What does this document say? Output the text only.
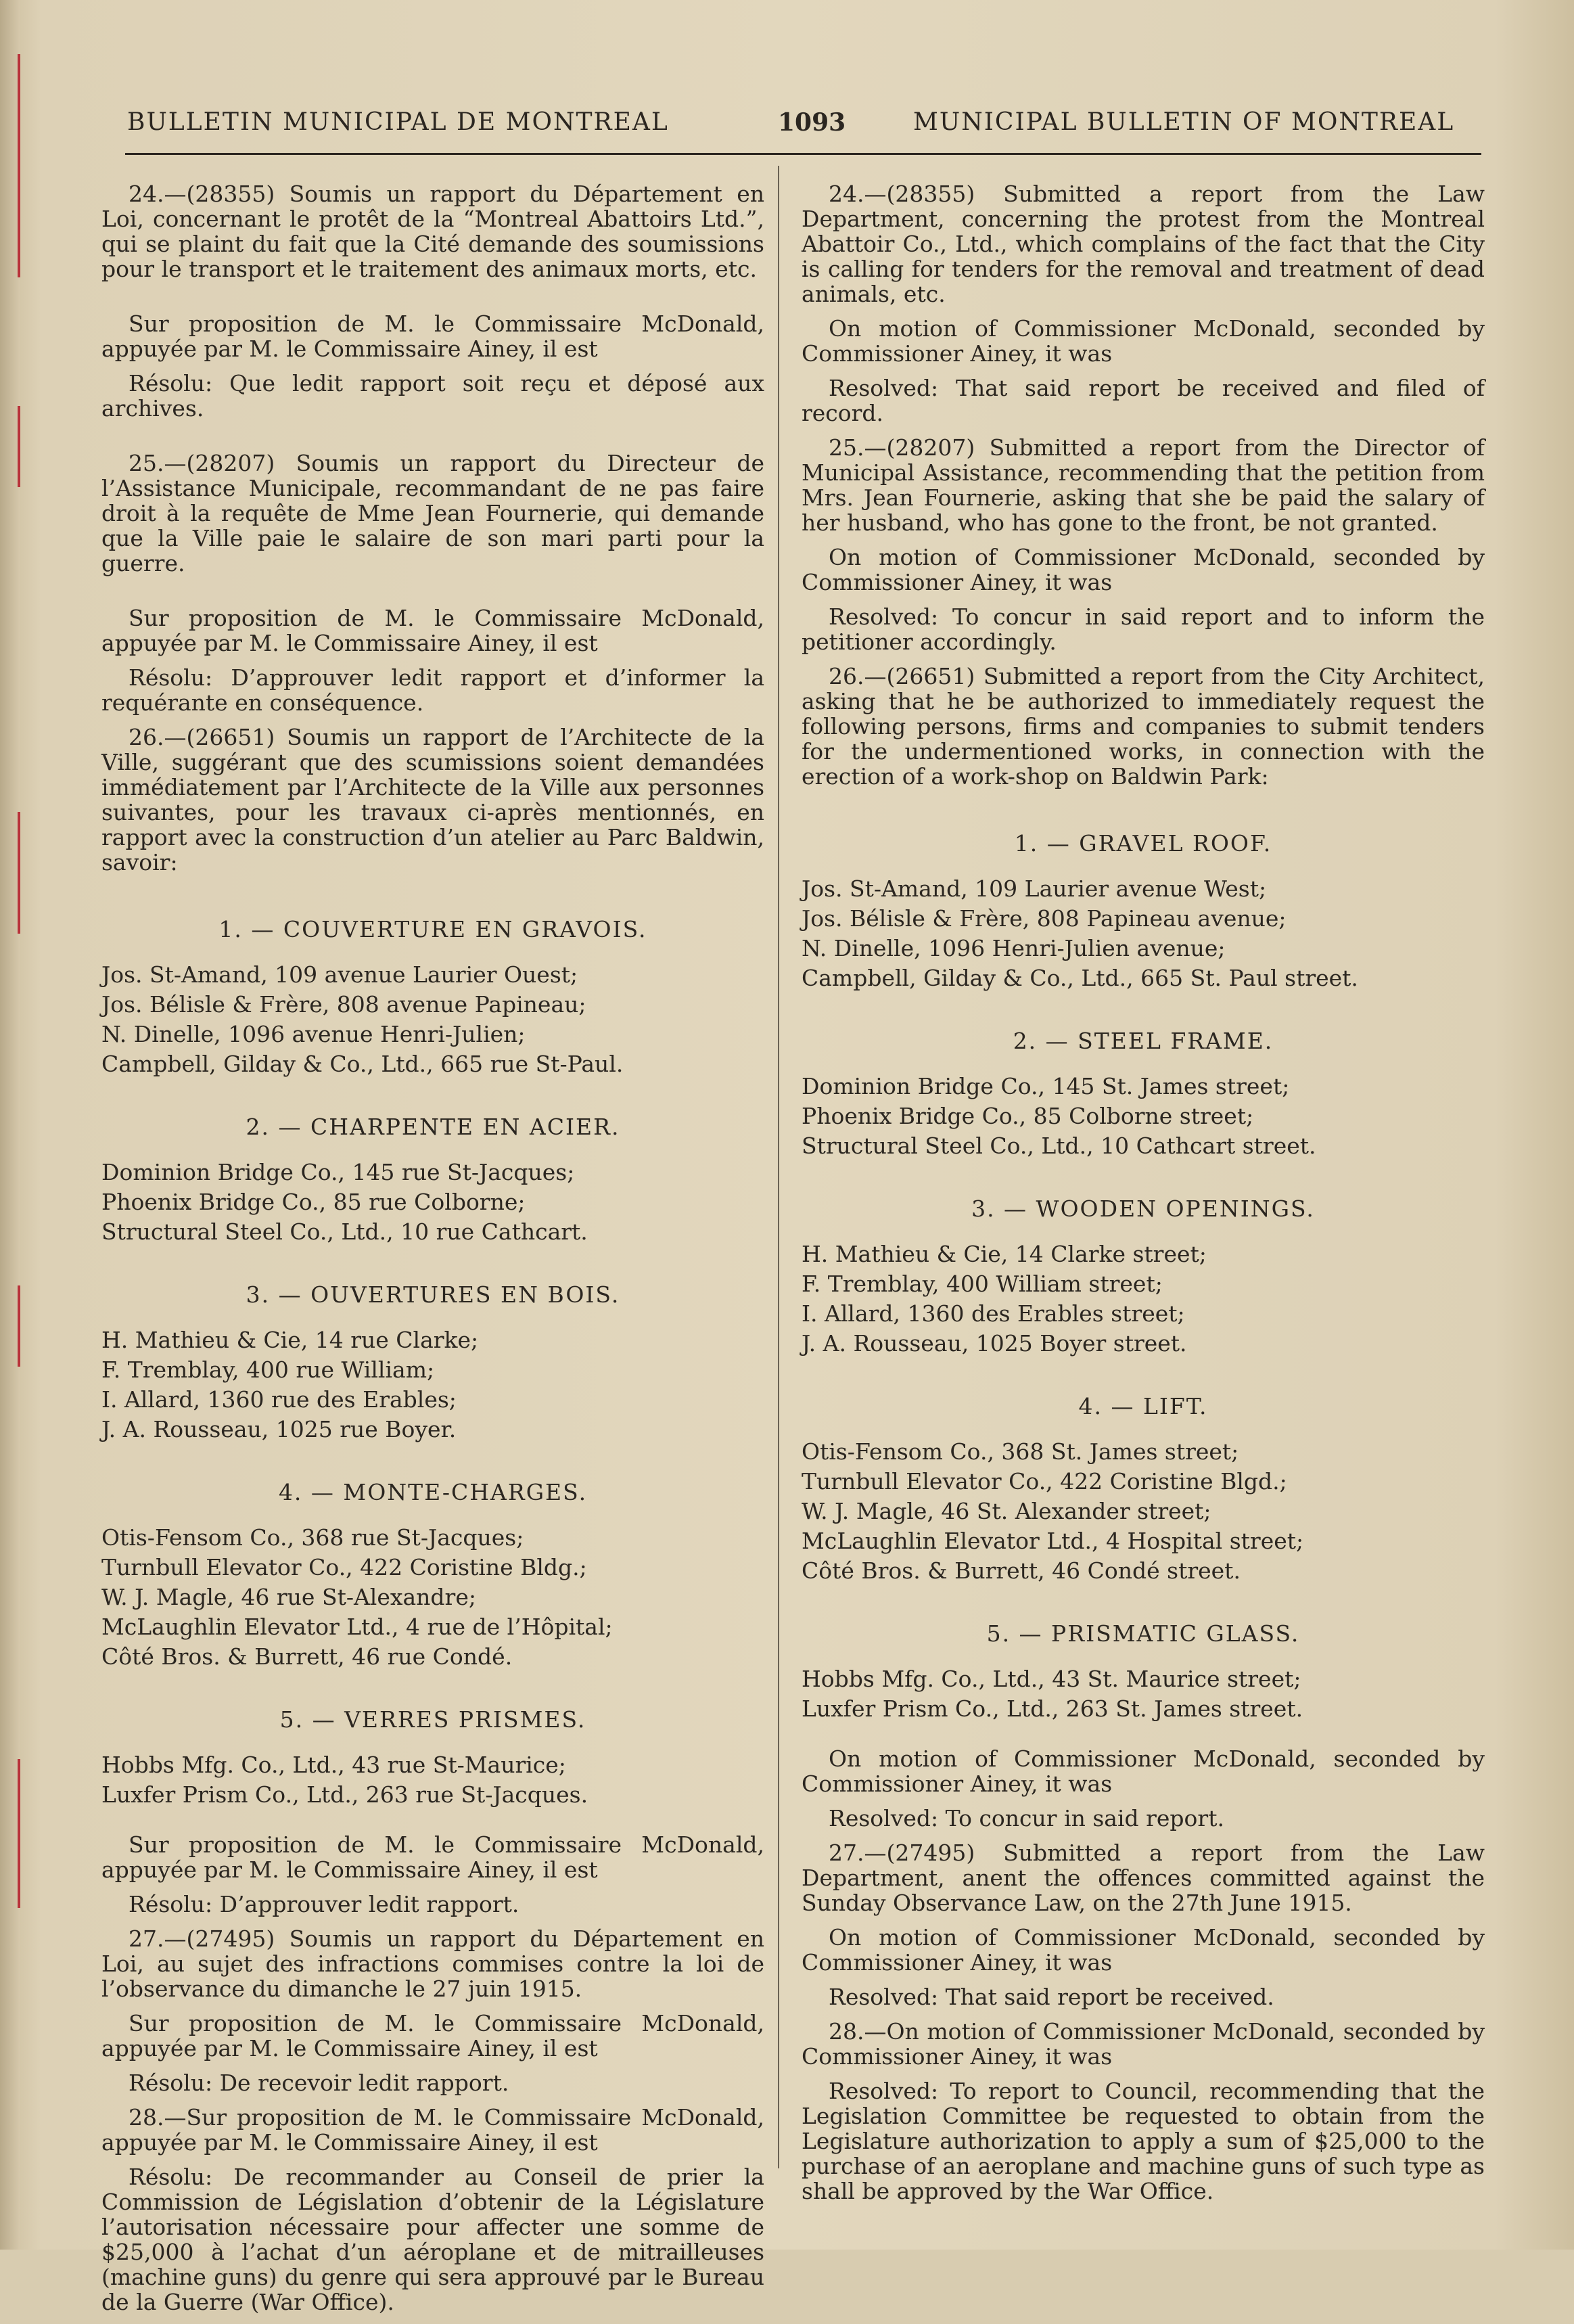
BULLETIN MUNICIPAL DE MONTREAL	1093	MUNICIPAL BULLETIN OF MONTREAL

24.—(28355) Soumis un rapport du Département en Loi, concernant le protêt de la “Montreal Abattoirs Ltd.”, qui se plaint du fait que la Cité demande des soumissions pour le transport et le traitement des animaux morts, etc.

Sur proposition de M. le Commissaire McDonald, appuyée par M. le Commissaire Ainey, il est

Résolu: Que ledit rapport soit reçu et déposé aux archives.

25.—(28207) Soumis un rapport du Directeur de l’Assistance Municipale, recommandant de ne pas faire droit à la requête de Mme Jean Fournerie, qui demande que la Ville paie le salaire de son mari parti pour la guerre.

Sur proposition de M. le Commissaire McDonald, appuyée par M. le Commissaire Ainey, il est

Résolu: D’approuver ledit rapport et d’informer la requérante en conséquence.

26.—(26651) Soumis un rapport de l’Architecte de la Ville, suggérant que des scumissions soient demandées immédiatement par l’Architecte de la Ville aux personnes suivantes, pour les travaux ci-après mentionnés, en rapport avec la construction d’un atelier au Parc Baldwin, savoir:

1. — COUVERTURE EN GRAVOIS.
Jos. St-Amand, 109 avenue Laurier Ouest;
Jos. Bélisle & Frère, 808 avenue Papineau;
N. Dinelle, 1096 avenue Henri-Julien;
Campbell, Gilday & Co., Ltd., 665 rue St-Paul.
2. — CHARPENTE EN ACIER.
Dominion Bridge Co., 145 rue St-Jacques;
Phoenix Bridge Co., 85 rue Colborne;
Structural Steel Co., Ltd., 10 rue Cathcart.
3. — OUVERTURES EN BOIS.
H. Mathieu & Cie, 14 rue Clarke;
F. Tremblay, 400 rue William;
I. Allard, 1360 rue des Erables;
J. A. Rousseau, 1025 rue Boyer.
4. — MONTE-CHARGES.
Otis-Fensom Co., 368 rue St-Jacques;
Turnbull Elevator Co., 422 Coristine Bldg.;
W. J. Magle, 46 rue St-Alexandre;
McLaughlin Elevator Ltd., 4 rue de l’Hôpital;
Côté Bros. & Burrett, 46 rue Condé.
5. — VERRES PRISMES.
Hobbs Mfg. Co., Ltd., 43 rue St-Maurice;
Luxfer Prism Co., Ltd., 263 rue St-Jacques.

Sur proposition de M. le Commissaire McDonald, appuyée par M. le Commissaire Ainey, il est

Résolu: D’approuver ledit rapport.

27.—(27495) Soumis un rapport du Département en Loi, au sujet des infractions commises contre la loi de l’observance du dimanche le 27 juin 1915.

Sur proposition de M. le Commissaire McDonald, appuyée par M. le Commissaire Ainey, il est

Résolu: De recevoir ledit rapport.

28.—Sur proposition de M. le Commissaire McDonald, appuyée par M. le Commissaire Ainey, il est

Résolu: De recommander au Conseil de prier la Commission de Législation d’obtenir de la Législature l’autorisation nécessaire pour affecter une somme de $25,000 à l’achat d’un aéroplane et de mitrailleuses (machine guns) du genre qui sera approuvé par le Bureau de la Guerre (War Office).

24.—(28355) Submitted a report from the Law Department, concerning the protest from the Montreal Abattoir Co., Ltd., which complains of the fact that the City is calling for tenders for the removal and treatment of dead animals, etc.

On motion of Commissioner McDonald, seconded by Commissioner Ainey, it was

Resolved: That said report be received and filed of record.

25.—(28207) Submitted a report from the Director of Municipal Assistance, recommending that the petition from Mrs. Jean Fournerie, asking that she be paid the salary of her husband, who has gone to the front, be not granted.

On motion of Commissioner McDonald, seconded by Commissioner Ainey, it was

Resolved: To concur in said report and to inform the petitioner accordingly.

26.—(26651) Submitted a report from the City Architect, asking that he be authorized to immediately request the following persons, firms and companies to submit tenders for the undermentioned works, in connection with the erection of a work-shop on Baldwin Park:

1. — GRAVEL ROOF.
Jos. St-Amand, 109 Laurier avenue West;
Jos. Bélisle & Frère, 808 Papineau avenue;
N. Dinelle, 1096 Henri-Julien avenue;
Campbell, Gilday & Co., Ltd., 665 St. Paul street.
2. — STEEL FRAME.
Dominion Bridge Co., 145 St. James street;
Phoenix Bridge Co., 85 Colborne street;
Structural Steel Co., Ltd., 10 Cathcart street.
3. — WOODEN OPENINGS.
H. Mathieu & Cie, 14 Clarke street;
F. Tremblay, 400 William street;
I. Allard, 1360 des Erables street;
J. A. Rousseau, 1025 Boyer street.
4. — LIFT.
Otis-Fensom Co., 368 St. James street;
Turnbull Elevator Co., 422 Coristine Blgd.;
W. J. Magle, 46 St. Alexander street;
McLaughlin Elevator Ltd., 4 Hospital street;
Côté Bros. & Burrett, 46 Condé street.
5. — PRISMATIC GLASS.
Hobbs Mfg. Co., Ltd., 43 St. Maurice street;
Luxfer Prism Co., Ltd., 263 St. James street.

On motion of Commissioner McDonald, seconded by Commissioner Ainey, it was

Resolved: To concur in said report.

27.—(27495) Submitted a report from the Law Department, anent the offences committed against the Sunday Observance Law, on the 27th June 1915.

On motion of Commissioner McDonald, seconded by Commissioner Ainey, it was

Resolved: That said report be received.

28.—On motion of Commissioner McDonald, seconded by Commissioner Ainey, it was

Resolved: To report to Council, recommending that the Legislation Committee be requested to obtain from the Legislature authorization to apply a sum of $25,000 to the purchase of an aeroplane and machine guns of such type as shall be approved by the War Office.
